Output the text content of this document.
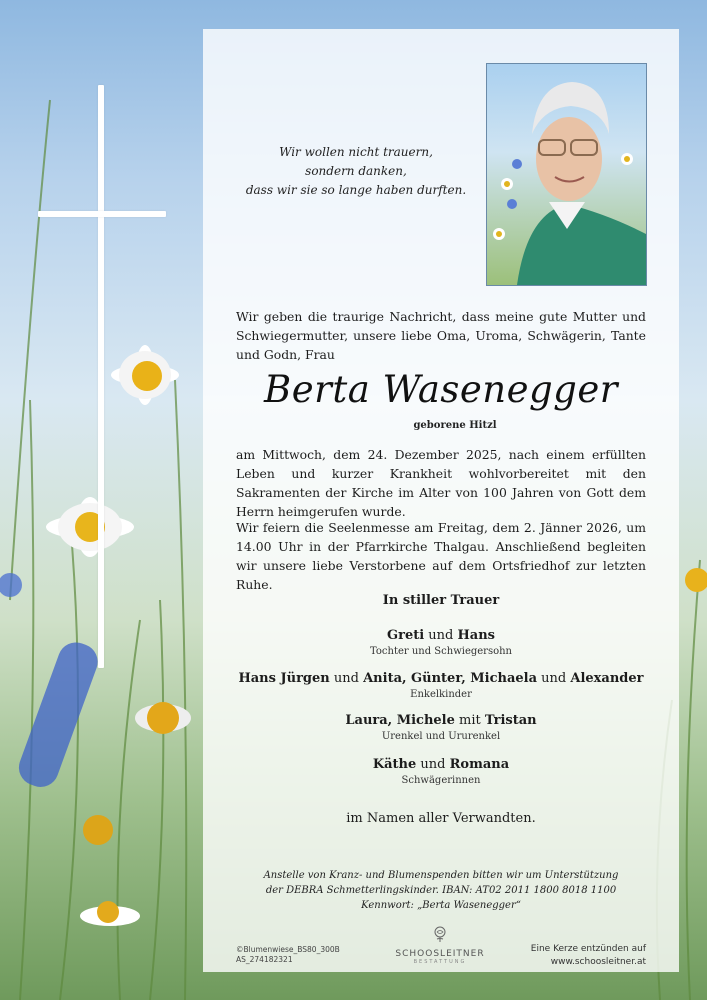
Wir wollen nicht trauern,
sondern danken,
dass wir sie so lange haben durften.
Wir geben die traurige Nachricht, dass meine gute Mutter und Schwiegermutter, unsere liebe Oma, Uroma, Schwägerin, Tante und Godn, Frau
Berta Wasenegger
geborene Hitzl
am Mittwoch, dem 24. Dezember 2025, nach einem erfüllten Leben und kurzer Krankheit wohlvorbereitet mit den Sakramenten der Kirche im Alter von 100 Jahren von Gott dem Herrn heimgerufen wurde.
Wir feiern die Seelenmesse am Freitag, dem 2. Jänner 2026, um 14.00 Uhr in der Pfarrkirche Thalgau. Anschließend begleiten wir unsere liebe Verstorbene auf dem Ortsfriedhof zur letzten Ruhe.
In stiller Trauer
Greti und Hans
Tochter und Schwiegersohn
Hans Jürgen und Anita, Günter, Michaela und Alexander
Enkelkinder
Laura, Michele mit Tristan
Urenkel und Ururenkel
Käthe und Romana
Schwägerinnen
im Namen aller Verwandten.
Anstelle von Kranz- und Blumenspenden bitten wir um Unterstützung
der DEBRA Schmetterlingskinder. IBAN: AT02 2011 1800 8018 1100
Kennwort: „Berta Wasenegger“
©Blumenwiese_BS80_300B
AS_274182321
SCHOOSLEITNER
BESTATTUNG
Eine Kerze entzünden auf
www.schoosleitner.at
